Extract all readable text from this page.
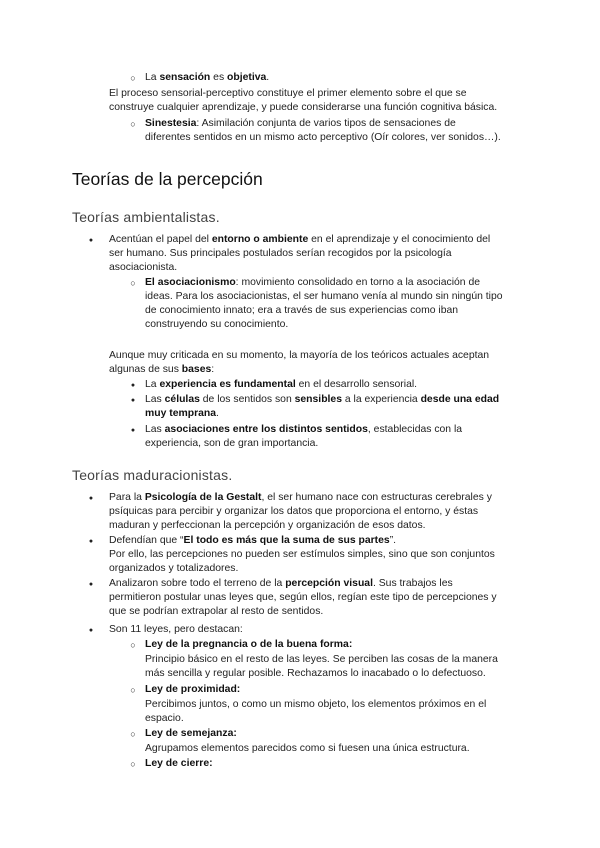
○
La sensación es objetiva.
El proceso sensorial-perceptivo constituye el primer elemento sobre el que se
construye cualquier aprendizaje, y puede considerarse una función cognitiva básica.
○
Sinestesia: Asimilación conjunta de varios tipos de sensaciones de
diferentes sentidos en un mismo acto perceptivo (Oír colores, ver sonidos…).
Teorías de la percepción
Teorías ambientalistas.
●
Acentúan el papel del entorno o ambiente en el aprendizaje y el conocimiento del
ser humano. Sus principales postulados serían recogidos por la psicología
asociacionista.
○
El asociacionismo: movimiento consolidado en torno a la asociación de
ideas. Para los asociacionistas, el ser humano venía al mundo sin ningún tipo
de conocimiento innato; era a través de sus experiencias como iban
construyendo su conocimiento.
Aunque muy criticada en su momento, la mayoría de los teóricos actuales aceptan
algunas de sus bases:
●
La experiencia es fundamental en el desarrollo sensorial.
●
Las células de los sentidos son sensibles a la experiencia desde una edad
muy temprana.
●
Las asociaciones entre los distintos sentidos, establecidas con la
experiencia, son de gran importancia.
Teorías maduracionistas.
●
Para la Psicología de la Gestalt, el ser humano nace con estructuras cerebrales y
psíquicas para percibir y organizar los datos que proporciona el entorno, y éstas
maduran y perfeccionan la percepción y organización de esos datos.
●
Defendían que “El todo es más que la suma de sus partes”.
Por ello, las percepciones no pueden ser estímulos simples, sino que son conjuntos
organizados y totalizadores.
●
Analizaron sobre todo el terreno de la percepción visual. Sus trabajos les
permitieron postular unas leyes que, según ellos, regían este tipo de percepciones y
que se podrían extrapolar al resto de sentidos.
●
Son 11 leyes, pero destacan:
○
Ley de la pregnancia o de la buena forma:
Principio básico en el resto de las leyes. Se perciben las cosas de la manera
más sencilla y regular posible. Rechazamos lo inacabado o lo defectuoso.
○
Ley de proximidad:
Percibimos juntos, o como un mismo objeto, los elementos próximos en el
espacio.
○
Ley de semejanza:
Agrupamos elementos parecidos como si fuesen una única estructura.
○
Ley de cierre:
